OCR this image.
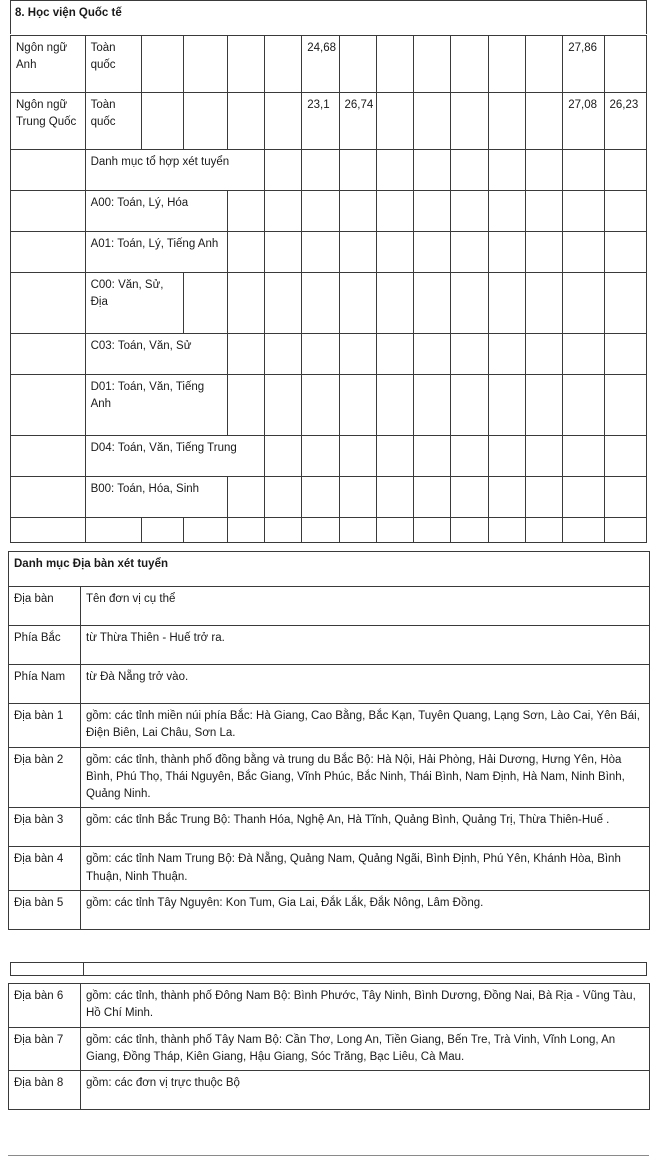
8. Học viện Quốc tế
Ngôn ngữ Anh	Toàn quốc					24,68							27,86	
Ngôn ngữ Trung Quốc	Toàn quốc					23,1	26,74						27,08	26,23
	Danh mục tổ hợp xét tuyển													
	A00: Toán, Lý, Hóa													
	A01: Toán, Lý, Tiếng Anh													
	C00: Văn, Sử, Địa													
	C03: Toán, Văn, Sử													
	D01: Toán, Văn, Tiếng Anh													
	D04: Toán, Văn, Tiếng Trung													
	B00: Toán, Hóa, Sinh													

Danh mục Địa bàn xét tuyển	
Địa bàn	Tên đơn vị cụ thể
Phía Bắc	từ Thừa Thiên - Huế trở ra.
Phía Nam	từ Đà Nẵng trở vào.
Địa bàn 1	gồm: các tỉnh miền núi phía Bắc: Hà Giang, Cao Bằng, Bắc Kạn, Tuyên Quang, Lạng Sơn, Lào Cai, Yên Bái, Điện Biên, Lai Châu, Sơn La.
Địa bàn 2	gồm: các tỉnh, thành phố đồng bằng và trung du Bắc Bộ: Hà Nội, Hải Phòng, Hải Dương, Hưng Yên, Hòa Bình, Phú Thọ, Thái Nguyên, Bắc Giang, Vĩnh Phúc, Bắc Ninh, Thái Bình, Nam Định, Hà Nam, Ninh Bình, Quảng Ninh.
Địa bàn 3	gồm: các tỉnh Bắc Trung Bộ: Thanh Hóa, Nghệ An, Hà Tĩnh, Quảng Bình, Quảng Trị, Thừa Thiên-Huế .
Địa bàn 4	gồm: các tỉnh Nam Trung Bộ: Đà Nẵng, Quảng Nam, Quảng Ngãi, Bình Định, Phú Yên, Khánh Hòa, Bình Thuận, Ninh Thuận.
Địa bàn 5	gồm: các tỉnh Tây Nguyên: Kon Tum, Gia Lai, Đắk Lắk, Đắk Nông, Lâm Đồng.
Địa bàn 6	gồm: các tỉnh, thành phố Đông Nam Bộ: Bình Phước, Tây Ninh, Bình Dương, Đồng Nai, Bà Rịa - Vũng Tàu, Hồ Chí Minh.
Địa bàn 7	gồm: các tỉnh, thành phố Tây Nam Bộ: Cần Thơ, Long An, Tiền Giang, Bến Tre, Trà Vinh, Vĩnh Long, An Giang, Đồng Tháp, Kiên Giang, Hậu Giang, Sóc Trăng, Bạc Liêu, Cà Mau.
Địa bàn 8	gồm: các đơn vị trực thuộc Bộ
